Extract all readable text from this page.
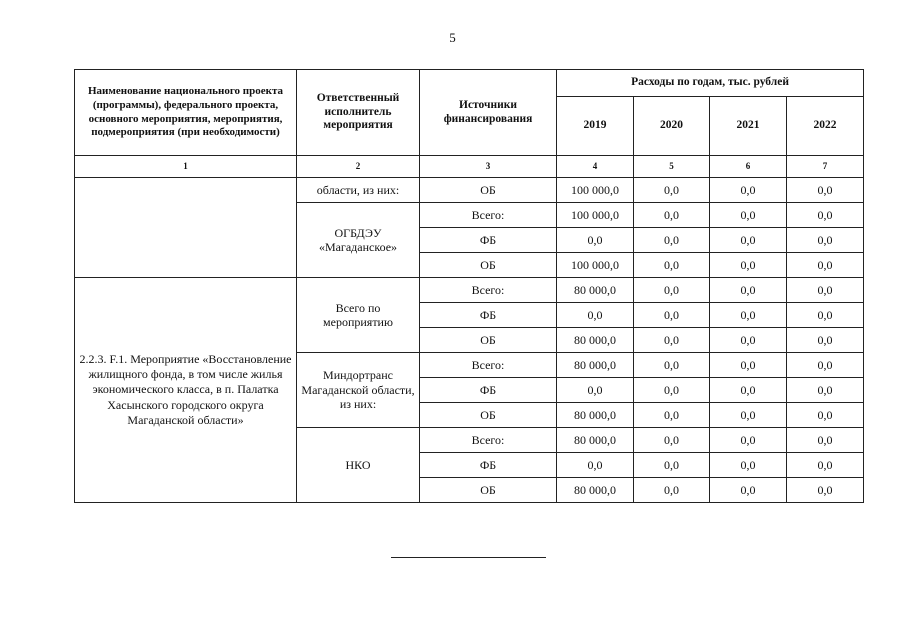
5
Наименование национального проекта (программы), федерального проекта, основного мероприятия, мероприятия, подмероприятия (при необходимости)	Ответственный исполнитель мероприятия	Источники финансирования	Расходы по годам, тыс. рублей			
			2019	2020	2021	2022
1	2	3	4	5	6	7
	области, из них:	ОБ	100 000,0	0,0	0,0	0,0
	ОГБДЭУ «Магаданское»	Всего:	100 000,0	0,0	0,0	0,0
		ФБ	0,0	0,0	0,0	0,0
		ОБ	100 000,0	0,0	0,0	0,0
2.2.3. F.1. Мероприятие «Восстановление жилищного фонда, в том числе жилья экономического класса, в п. Палатка Хасынского городского округа Магаданской области»	Всего по мероприятию	Всего:	80 000,0	0,0	0,0	0,0
		ФБ	0,0	0,0	0,0	0,0
		ОБ	80 000,0	0,0	0,0	0,0
	Миндортранс Магаданской области, из них:	Всего:	80 000,0	0,0	0,0	0,0
		ФБ	0,0	0,0	0,0	0,0
		ОБ	80 000,0	0,0	0,0	0,0
	НКО	Всего:	80 000,0	0,0	0,0	0,0
		ФБ	0,0	0,0	0,0	0,0
		ОБ	80 000,0	0,0	0,0	0,0
